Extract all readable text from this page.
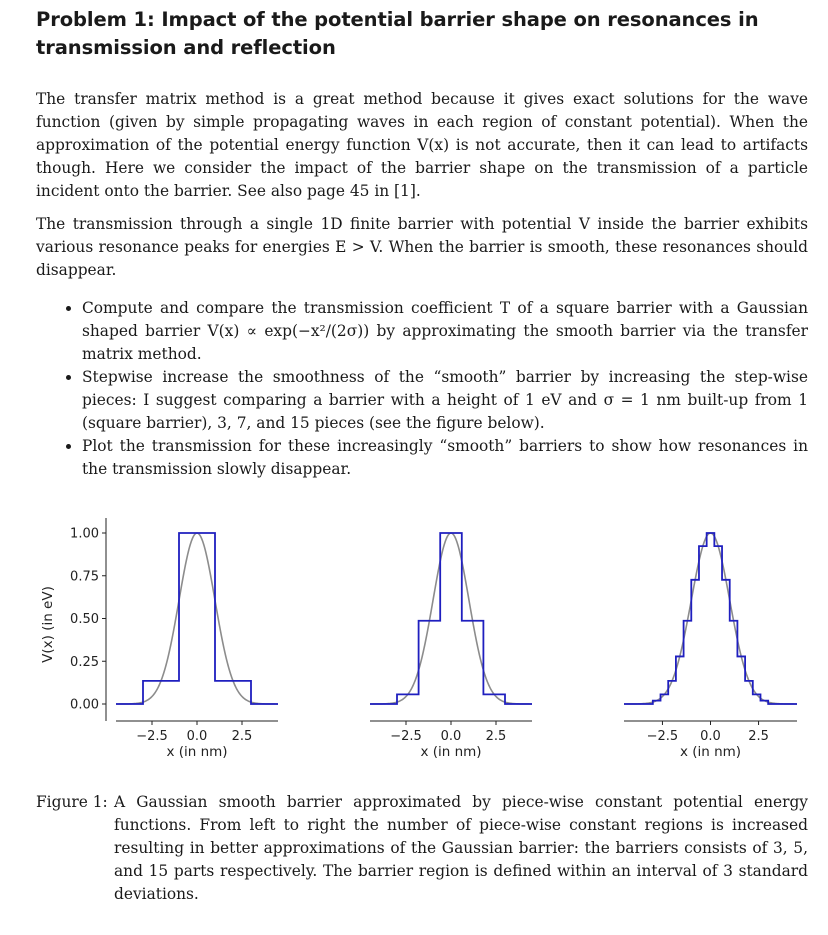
Problem 1: Impact of the potential barrier shape on resonances in transmission and reflection

The transfer matrix method is a great method because it gives exact solutions for the wave function (given by simple propagating waves in each region of constant potential). When the approximation of the potential energy function V(x) is not accurate, then it can lead to artifacts though. Here we consider the impact of the barrier shape on the transmission of a particle incident onto the barrier. See also page 45 in [1].

The transmission through a single 1D finite barrier with potential V inside the barrier exhibits various resonance peaks for energies E > V. When the barrier is smooth, these resonances should disappear.

• Compute and compare the transmission coefficient T of a square barrier with a Gaussian shaped barrier V(x) ∝ exp(−x²/(2σ)) by approximating the smooth barrier via the transfer matrix method.
• Stepwise increase the smoothness of the “smooth” barrier by increasing the step-wise pieces: I suggest comparing a barrier with a height of 1 eV and σ = 1 nm built-up from 1 (square barrier), 3, 7, and 15 pieces (see the figure below).
• Plot the transmission for these increasingly “smooth” barriers to show how resonances in the transmission slowly disappear.
−2.5 0.0 2.5
x (in nm)
0.00
0.25
0.50
0.75
1.00
V(x) (in eV)
−2.5 0.0 2.5
x (in nm)
−2.5 0.0 2.5
x (in nm)
Figure 1: A Gaussian smooth barrier approximated by piece-wise constant potential energy functions. From left to right the number of piece-wise constant regions is increased resulting in better approximations of the Gaussian barrier: the barriers consists of 3, 5, and 15 parts respectively. The barrier region is defined within an interval of 3 standard deviations.
